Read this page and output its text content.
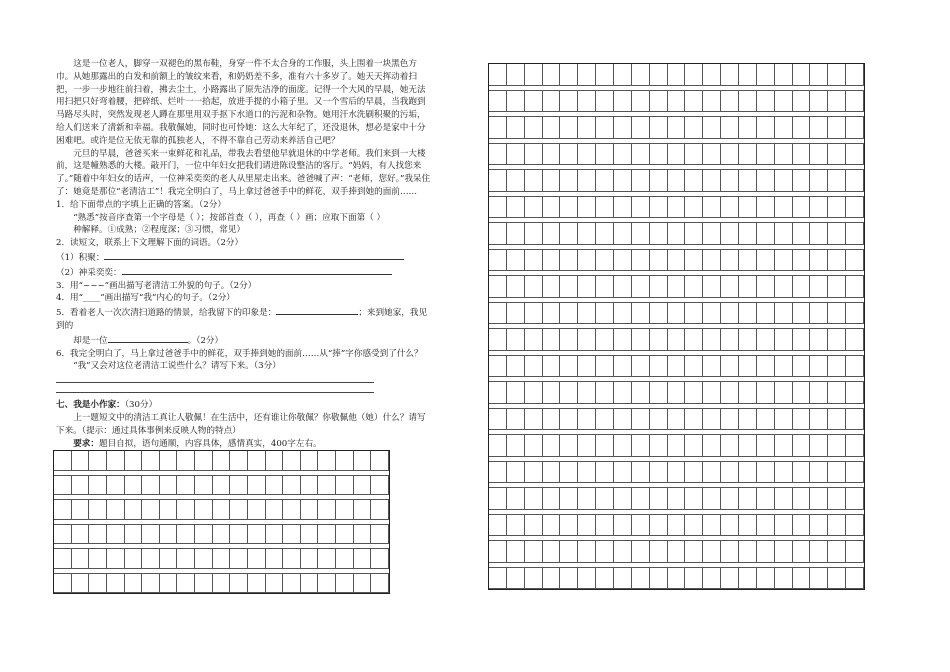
这是一位老人，脚穿一双褪色的黑布鞋，身穿一件不太合身的工作服，头上围着一块黑色方巾。从她那露出的白发和前额上的皱纹来看，和奶奶差不多，准有六十多岁了。她天天挥动着扫把，一步一步地往前扫着，拂去尘土，小路露出了原先洁净的面庞。记得一个大风的早晨，她无法用扫把只好弯着腰，把碎纸、烂叶一一拾起，放进手提的小箱子里。又一个雪后的早晨，当我跑到马路尽头时，突然发现老人蹲在那里用双手抠下水道口的污泥和杂物。她用汗水洗刷积聚的污垢，给人们送来了清新和幸福。我敬佩她，同时也可怜她：这么大年纪了，还没退休，想必是家中十分困难吧。或许是位无依无靠的孤独老人，不得不靠自己劳动来养活自己吧？

元旦的早晨，爸爸买来一束鲜花和礼品，带我去看望他早就退休的中学老师。我们来到一大楼前，这是幢熟悉的大楼。敲开门，一位中年妇女把我们请进陈设整洁的客厅。“妈妈，有人找您来了。”随着中年妇女的话声，一位神采奕奕的老人从里屋走出来。爸爸喊了声：“老师，您好。”我呆住了：她竟是那位“老清洁工”！我完全明白了，马上拿过爸爸手中的鲜花，双手捧到她的面前……

1．给下面带点的字填上正确的答案。（2分）

“熟悉”按音序查第一个字母是（ ）；按部首查（ ），再查（ ）画；应取下面第（ ）

种解释。①成熟；②程度深；③习惯，常见）

2．读短文，联系上下文理解下面的词语。（2分）

（1）积聚：

（2）神采奕奕：

3．用“~~~”画出描写老清洁工外貌的句子。（2分）

4．用“____”画出描写“我”内心的句子。（2分）

5．看着老人一次次清扫道路的情景，给我留下的印象是：	；来到她家，我见到的

却是一位	。（2分）

6．我完全明白了，马上拿过爸爸手中的鲜花，双手捧到她的面前……从“捧”字你感受到了什么？

“我”又会对这位老清洁工说些什么？请写下来。（3分）

七、我是小作家：（30分）

上一题短文中的清洁工真让人敬佩！在生活中，还有谁让你敬佩？你敬佩他（她）什么？请写下来。（提示：通过具体事例来反映人物的特点）

要求：题目自拟，语句通顺，内容具体，感情真实，400字左右。
